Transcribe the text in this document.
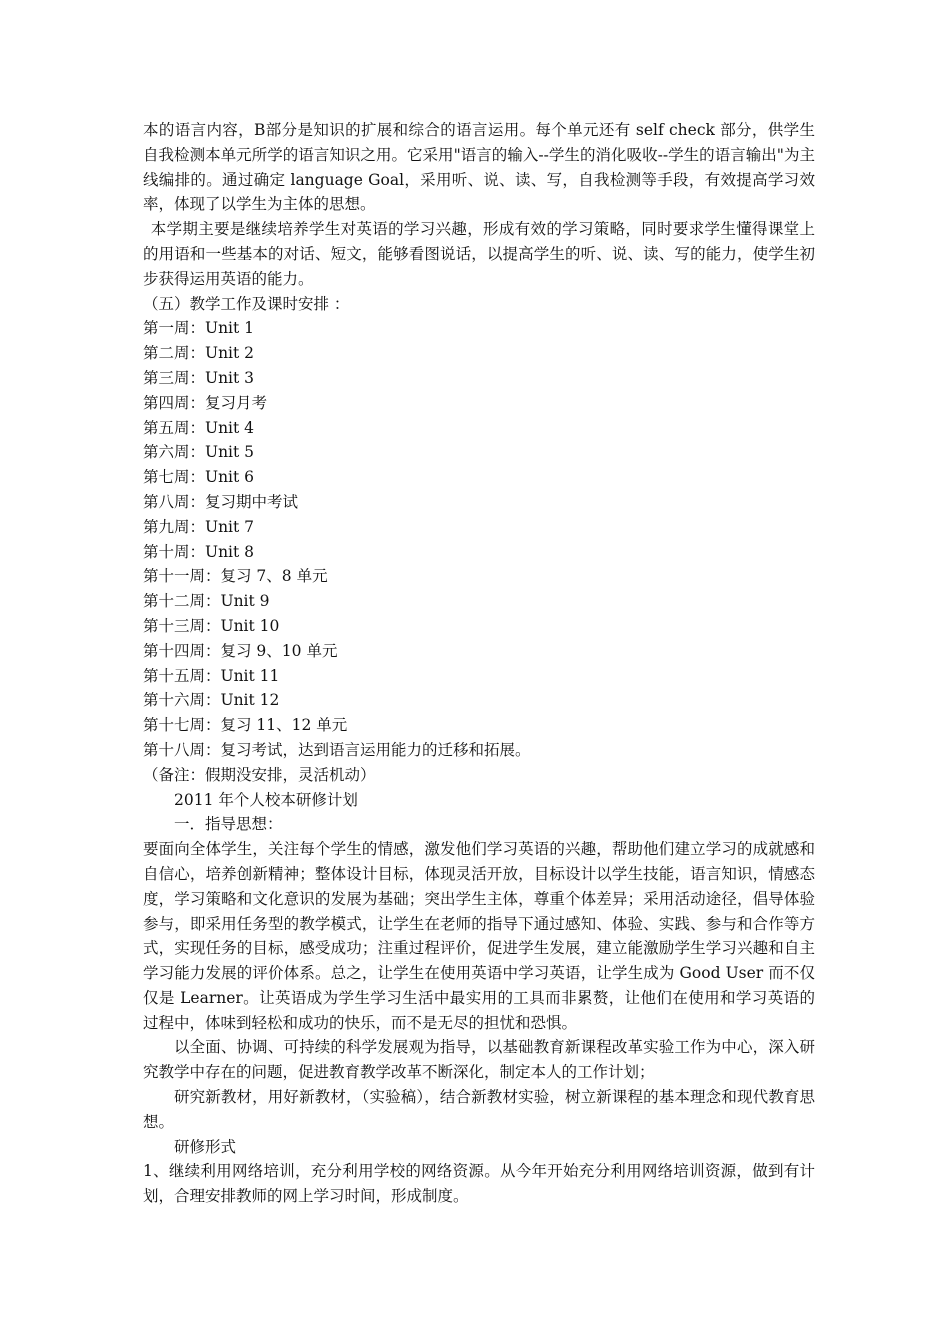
本的语言内容，B部分是知识的扩展和综合的语言运用。每个单元还有 self check 部分，供学生自我检测本单元所学的语言知识之用。它采用"语言的输入--学生的消化吸收--学生的语言输出"为主线编排的。通过确定 language Goal，采用听、说、读、写，自我检测等手段，有效提高学习效率，体现了以学生为主体的思想。

本学期主要是继续培养学生对英语的学习兴趣，形成有效的学习策略，同时要求学生懂得课堂上的用语和一些基本的对话、短文，能够看图说话，以提高学生的听、说、读、写的能力，使学生初步获得运用英语的能力。

（五）教学工作及课时安排 ：

第一周：Unit 1

第二周：Unit 2

第三周：Unit 3

第四周：复习月考

第五周：Unit 4

第六周：Unit 5

第七周：Unit 6

第八周：复习期中考试

第九周：Unit 7

第十周：Unit 8

第十一周：复习 7、8 单元

第十二周：Unit 9

第十三周：Unit 10

第十四周：复习 9、10 单元

第十五周：Unit 11

第十六周：Unit 12

第十七周：复习 11、12 单元

第十八周：复习考试，达到语言运用能力的迁移和拓展。

（备注：假期没安排，灵活机动）

2011 年个人校本研修计划

一．指导思想：

要面向全体学生，关注每个学生的情感，激发他们学习英语的兴趣，帮助他们建立学习的成就感和自信心，培养创新精神；整体设计目标，体现灵活开放，目标设计以学生技能，语言知识，情感态度，学习策略和文化意识的发展为基础；突出学生主体，尊重个体差异；采用活动途径，倡导体验参与，即采用任务型的教学模式，让学生在老师的指导下通过感知、体验、实践、参与和合作等方式，实现任务的目标，感受成功；注重过程评价，促进学生发展，建立能激励学生学习兴趣和自主学习能力发展的评价体系。总之，让学生在使用英语中学习英语，让学生成为 Good User 而不仅仅是 Learner。让英语成为学生学习生活中最实用的工具而非累赘，让他们在使用和学习英语的过程中，体味到轻松和成功的快乐，而不是无尽的担忧和恐惧。

以全面、协调、可持续的科学发展观为指导，以基础教育新课程改革实验工作为中心，深入研究教学中存在的问题，促进教育教学改革不断深化，制定本人的工作计划；

研究新教材，用好新教材，（实验稿），结合新教材实验，树立新课程的基本理念和现代教育思想。

研修形式

1、继续利用网络培训，充分利用学校的网络资源。从今年开始充分利用网络培训资源，做到有计划，合理安排教师的网上学习时间，形成制度。
